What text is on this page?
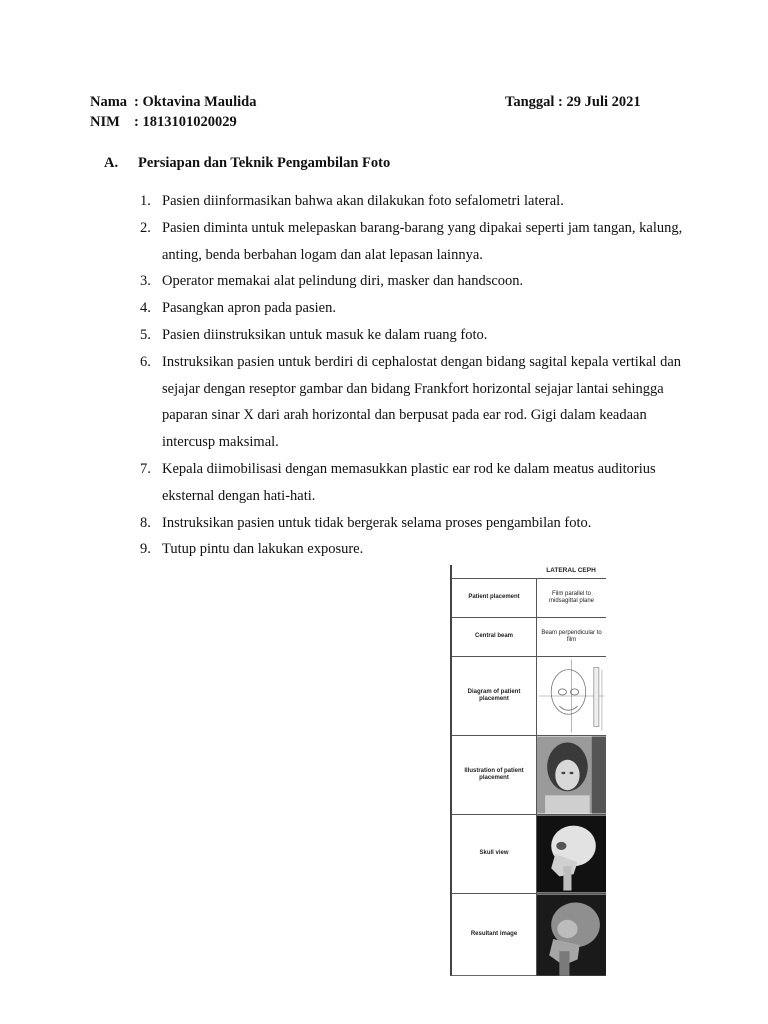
Nama : Oktavina Maulida
NIM : 1813101020029
Tanggal : 29 Juli 2021
A. Persiapan dan Teknik Pengambilan Foto
1. Pasien diinformasikan bahwa akan dilakukan foto sefalometri lateral.
2. Pasien diminta untuk melepaskan barang-barang yang dipakai seperti jam tangan, kalung, anting, benda berbahan logam dan alat lepasan lainnya.
3. Operator memakai alat pelindung diri, masker dan handscoon.
4. Pasangkan apron pada pasien.
5. Pasien diinstruksikan untuk masuk ke dalam ruang foto.
6. Instruksikan pasien untuk berdiri di cephalostat dengan bidang sagital kepala vertikal dan sejajar dengan reseptor gambar dan bidang Frankfort horizontal sejajar lantai sehingga paparan sinar X dari arah horizontal dan berpusat pada ear rod. Gigi dalam keadaan intercusp maksimal.
7. Kepala diimobilisasi dengan memasukkan plastic ear rod ke dalam meatus auditorius eksternal dengan hati-hati.
8. Instruksikan pasien untuk tidak bergerak selama proses pengambilan foto.
9. Tutup pintu dan lakukan exposure.
LATERAL CEPH
Patient placement
Film parallel to midsagittal plane
Central beam
Beam perpendicular to film
Diagram of patient placement
Illustration of patient placement
Skull view
Resultant image
